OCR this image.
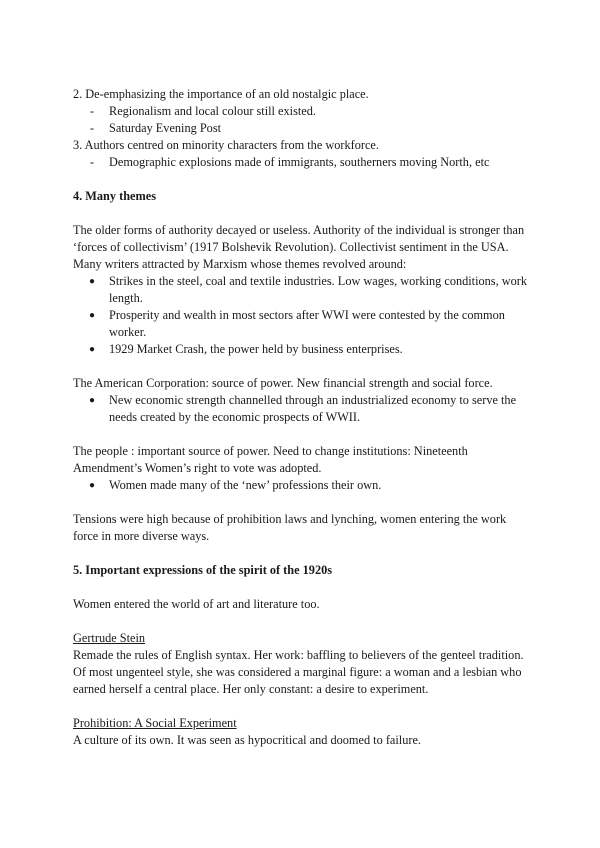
2. De-emphasizing the importance of an old nostalgic place.

- Regionalism and local colour still existed.
- Saturday Evening Post

3. Authors centred on minority characters from the workforce.

- Demographic explosions made of immigrants, southerners moving North, etc
4. Many themes

The older forms of authority decayed or useless. Authority of the individual is stronger than ‘forces of collectivism’ (1917 Bolshevik Revolution). Collectivist sentiment in the USA. Many writers attracted by Marxism whose themes revolved around:

● Strikes in the steel, coal and textile industries. Low wages, working conditions, work length.
● Prosperity and wealth in most sectors after WWI were contested by the common worker.
● 1929 Market Crash, the power held by business enterprises.

The American Corporation: source of power. New financial strength and social force.

● New economic strength channelled through an industrialized economy to serve the needs created by the economic prospects of WWII.

The people : important source of power. Need to change institutions: Nineteenth Amendment’s Women’s right to vote was adopted.

● Women made many of the ‘new’ professions their own.

Tensions were high because of prohibition laws and lynching, women entering the work force in more diverse ways.

5. Important expressions of the spirit of the 1920s

Women entered the world of art and literature too.

Gertrude Stein

Remade the rules of English syntax. Her work: baffling to believers of the genteel tradition. Of most ungenteel style, she was considered a marginal figure: a woman and a lesbian who earned herself a central place. Her only constant: a desire to experiment.

Prohibition: A Social Experiment

A culture of its own. It was seen as hypocritical and doomed to failure.
